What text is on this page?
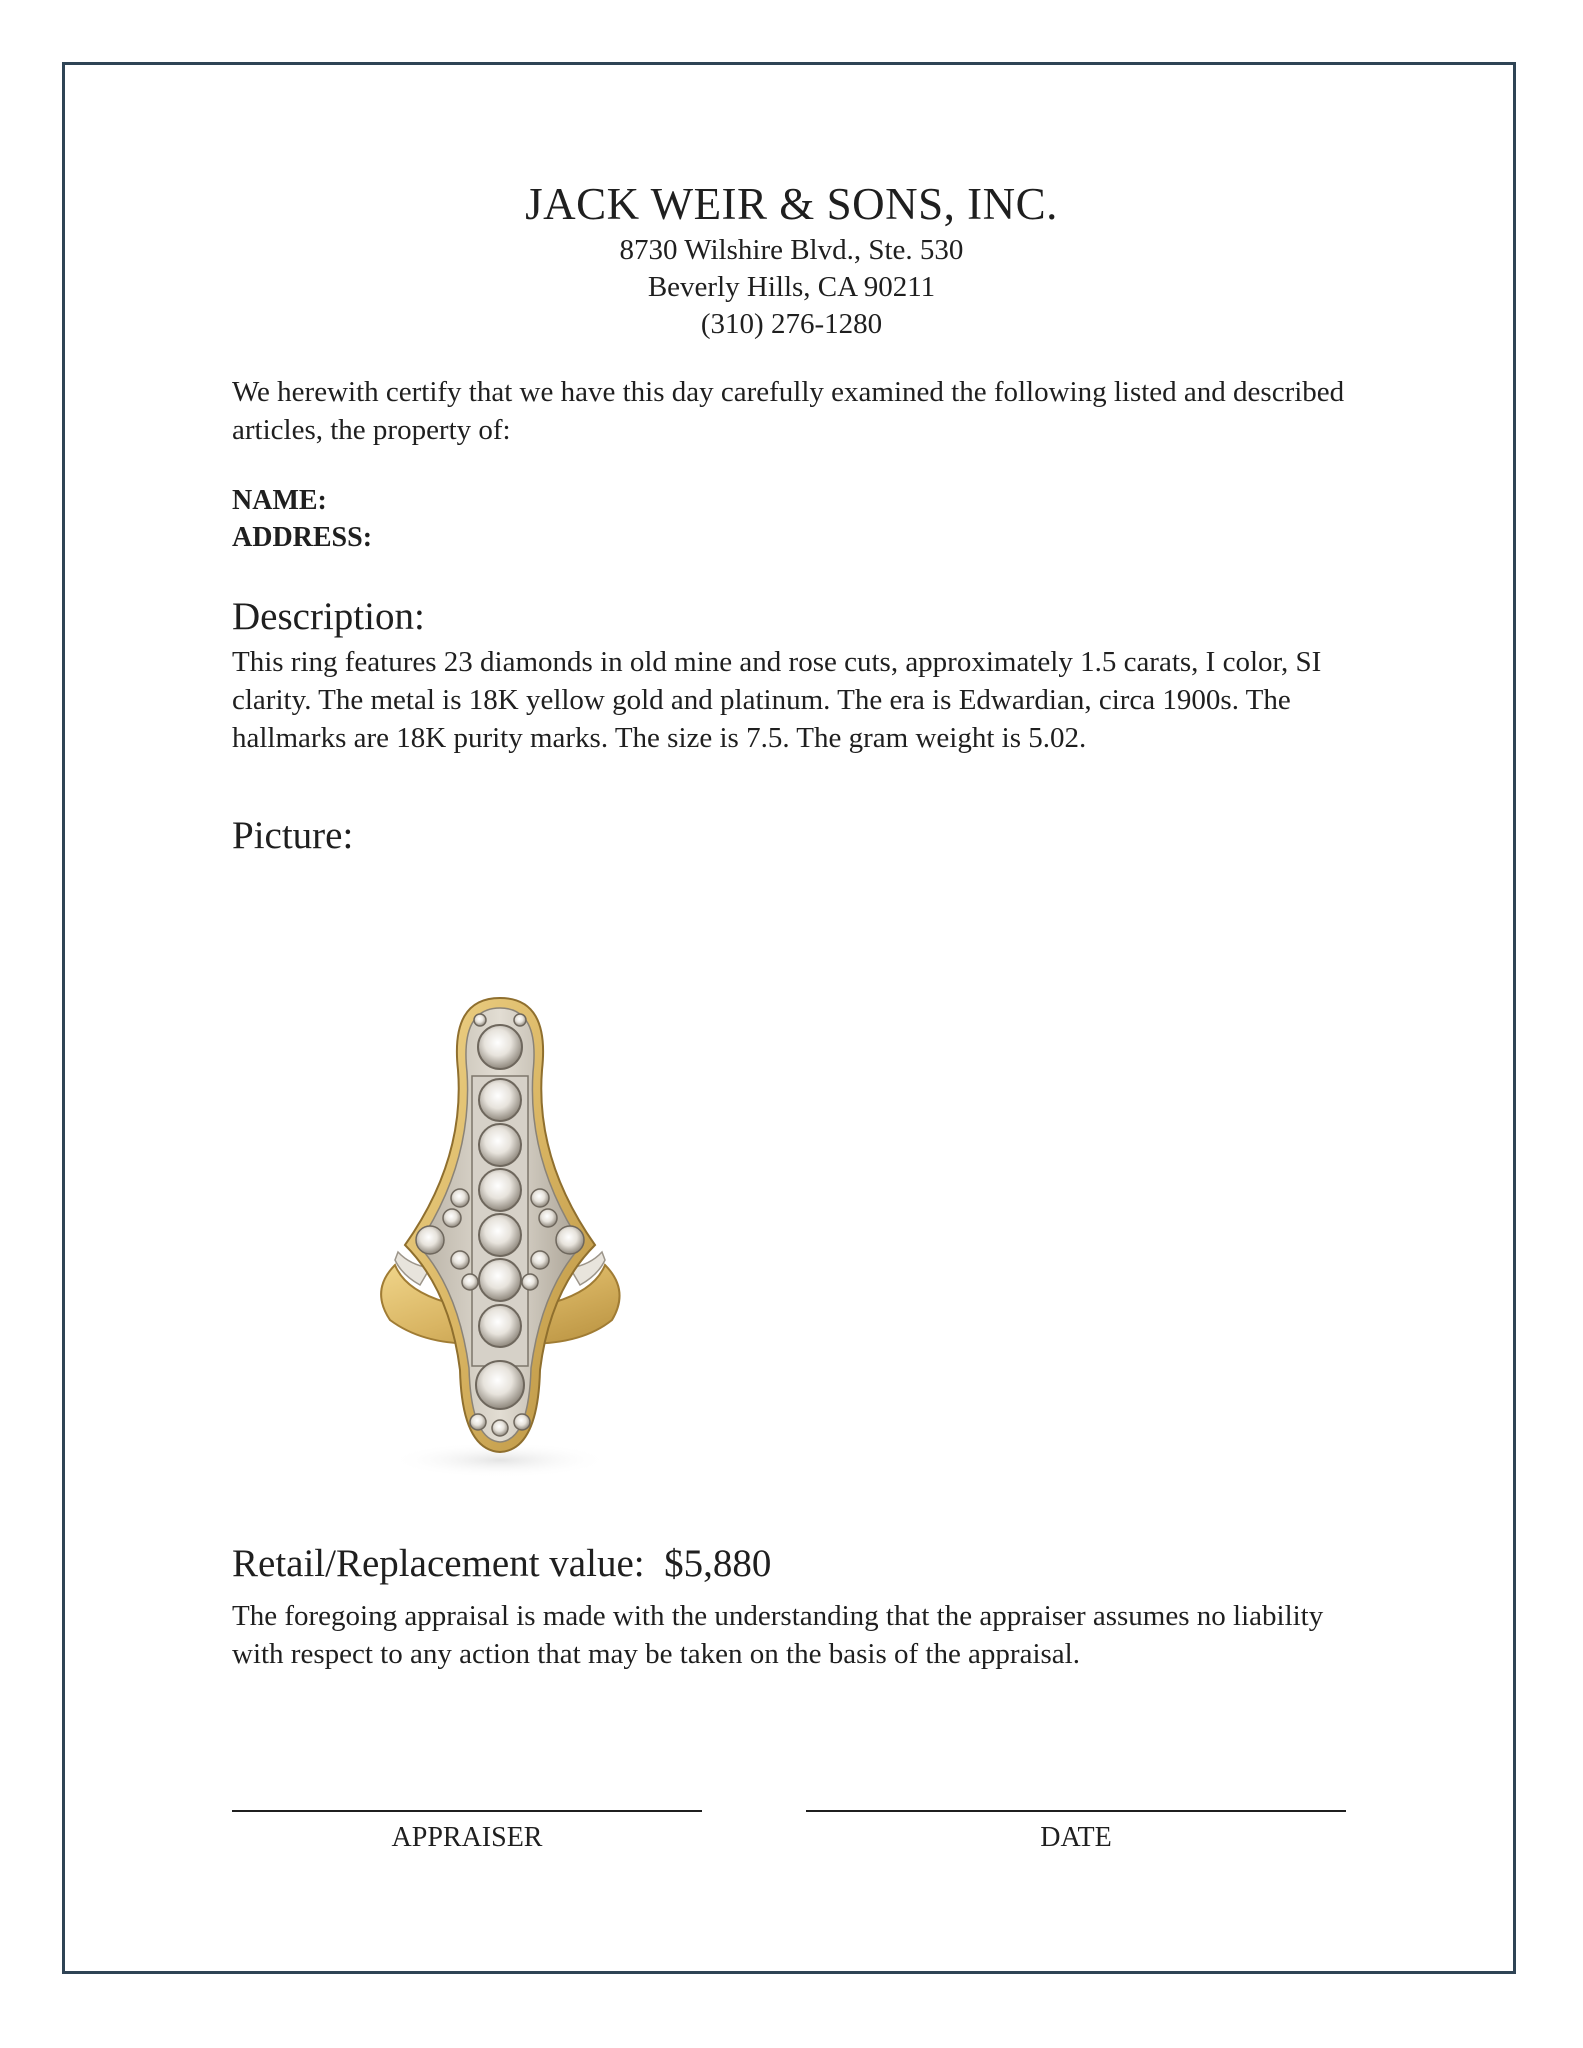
JACK WEIR & SONS, INC.
8730 Wilshire Blvd., Ste. 530
Beverly Hills, CA 90211
(310) 276-1280
We herewith certify that we have this day carefully examined the following listed and described articles, the property of:
NAME:
ADDRESS:
Description:
This ring features 23 diamonds in old mine and rose cuts, approximately 1.5 carats, I color, SI clarity. The metal is 18K yellow gold and platinum. The era is Edwardian, circa 1900s. The hallmarks are 18K purity marks. The size is 7.5. The gram weight is 5.02.
Picture:
Retail/Replacement value: $5,880
The foregoing appraisal is made with the understanding that the appraiser assumes no liability with respect to any action that may be taken on the basis of the appraisal.
APPRAISER	DATE
